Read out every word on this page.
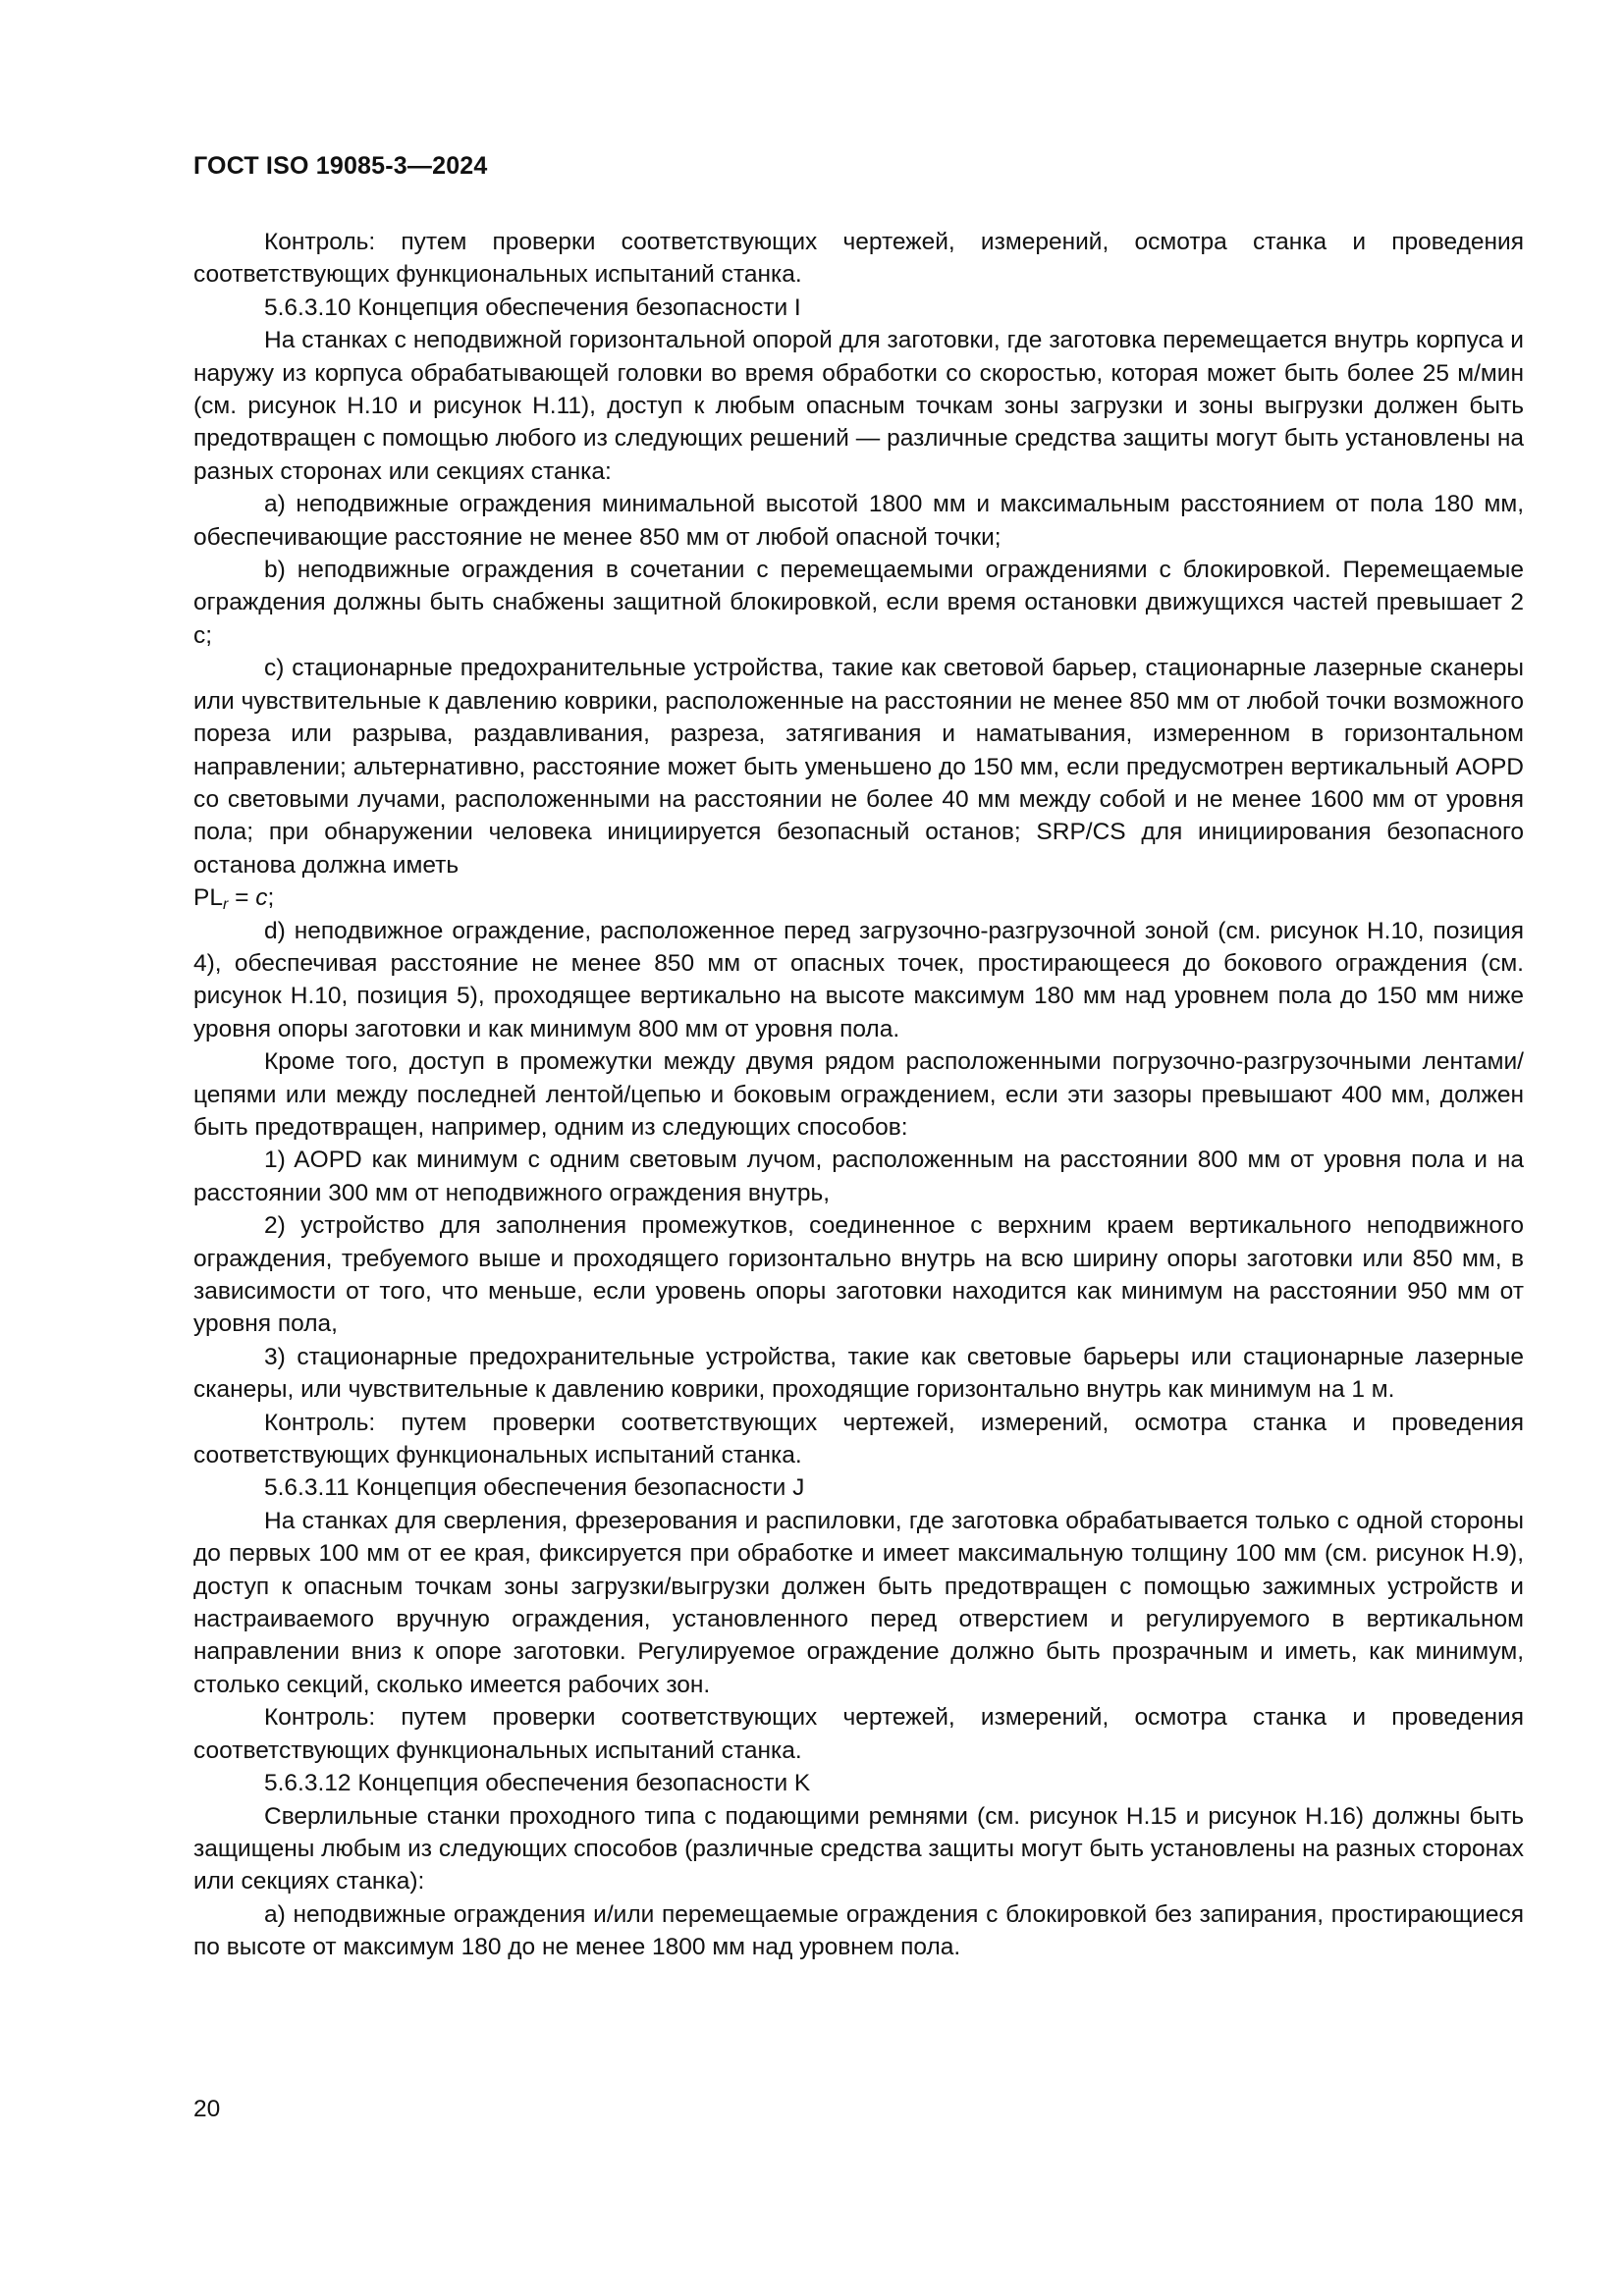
ГОСТ ISO 19085-3—2024

Контроль: путем проверки соответствующих чертежей, измерений, осмотра станка и проведения соответствующих функциональных испытаний станка.

5.6.3.10 Концепция обеспечения безопасности I

На станках с неподвижной горизонтальной опорой для заготовки, где заготовка перемещается внутрь корпуса и наружу из корпуса обрабатывающей головки во время обработки со скоростью, которая может быть более 25 м/мин (см. рисунок Н.10 и рисунок Н.11), доступ к любым опасным точкам зоны загрузки и зоны выгрузки должен быть предотвращен с помощью любого из следующих решений — различные средства защиты могут быть установлены на разных сторонах или секциях станка:

a) неподвижные ограждения минимальной высотой 1800 мм и максимальным расстоянием от пола 180 мм, обеспечивающие расстояние не менее 850 мм от любой опасной точки;

b) неподвижные ограждения в сочетании с перемещаемыми ограждениями с блокировкой. Перемещаемые ограждения должны быть снабжены защитной блокировкой, если время остановки движущихся частей превышает 2 с;

c) стационарные предохранительные устройства, такие как световой барьер, стационарные лазерные сканеры или чувствительные к давлению коврики, расположенные на расстоянии не менее 850 мм от любой точки возможного пореза или разрыва, раздавливания, разреза, затягивания и наматывания, измеренном в горизонтальном направлении; альтернативно, расстояние может быть уменьшено до 150 мм, если предусмотрен вертикальный AOPD со световыми лучами, расположенными на расстоянии не более 40 мм между собой и не менее 1600 мм от уровня пола; при обнаружении человека инициируется безопасный останов; SRP/CS для инициирования безопасного останова должна иметь
$PL_r = c$;

d) неподвижное ограждение, расположенное перед загрузочно-разгрузочной зоной (см. рисунок Н.10, позиция 4), обеспечивая расстояние не менее 850 мм от опасных точек, простирающееся до бокового ограждения (см. рисунок Н.10, позиция 5), проходящее вертикально на высоте максимум 180 мм над уровнем пола до 150 мм ниже уровня опоры заготовки и как минимум 800 мм от уровня пола.

Кроме того, доступ в промежутки между двумя рядом расположенными погрузочно-разгрузочными лентами/цепями или между последней лентой/цепью и боковым ограждением, если эти зазоры превышают 400 мм, должен быть предотвращен, например, одним из следующих способов:

1) AOPD как минимум с одним световым лучом, расположенным на расстоянии 800 мм от уровня пола и на расстоянии 300 мм от неподвижного ограждения внутрь,

2) устройство для заполнения промежутков, соединенное с верхним краем вертикального неподвижного ограждения, требуемого выше и проходящего горизонтально внутрь на всю ширину опоры заготовки или 850 мм, в зависимости от того, что меньше, если уровень опоры заготовки находится как минимум на расстоянии 950 мм от уровня пола,

3) стационарные предохранительные устройства, такие как световые барьеры или стационарные лазерные сканеры, или чувствительные к давлению коврики, проходящие горизонтально внутрь как минимум на 1 м.

Контроль: путем проверки соответствующих чертежей, измерений, осмотра станка и проведения соответствующих функциональных испытаний станка.

5.6.3.11 Концепция обеспечения безопасности J

На станках для сверления, фрезерования и распиловки, где заготовка обрабатывается только с одной стороны до первых 100 мм от ее края, фиксируется при обработке и имеет максимальную толщину 100 мм (см. рисунок Н.9), доступ к опасным точкам зоны загрузки/выгрузки должен быть предотвращен с помощью зажимных устройств и настраиваемого вручную ограждения, установленного перед отверстием и регулируемого в вертикальном направлении вниз к опоре заготовки. Регулируемое ограждение должно быть прозрачным и иметь, как минимум, столько секций, сколько имеется рабочих зон.

Контроль: путем проверки соответствующих чертежей, измерений, осмотра станка и проведения соответствующих функциональных испытаний станка.

5.6.3.12 Концепция обеспечения безопасности K

Сверлильные станки проходного типа с подающими ремнями (см. рисунок Н.15 и рисунок Н.16) должны быть защищены любым из следующих способов (различные средства защиты могут быть установлены на разных сторонах или секциях станка):

a) неподвижные ограждения и/или перемещаемые ограждения с блокировкой без запирания, простирающиеся по высоте от максимум 180 до не менее 1800 мм над уровнем пола.

20
